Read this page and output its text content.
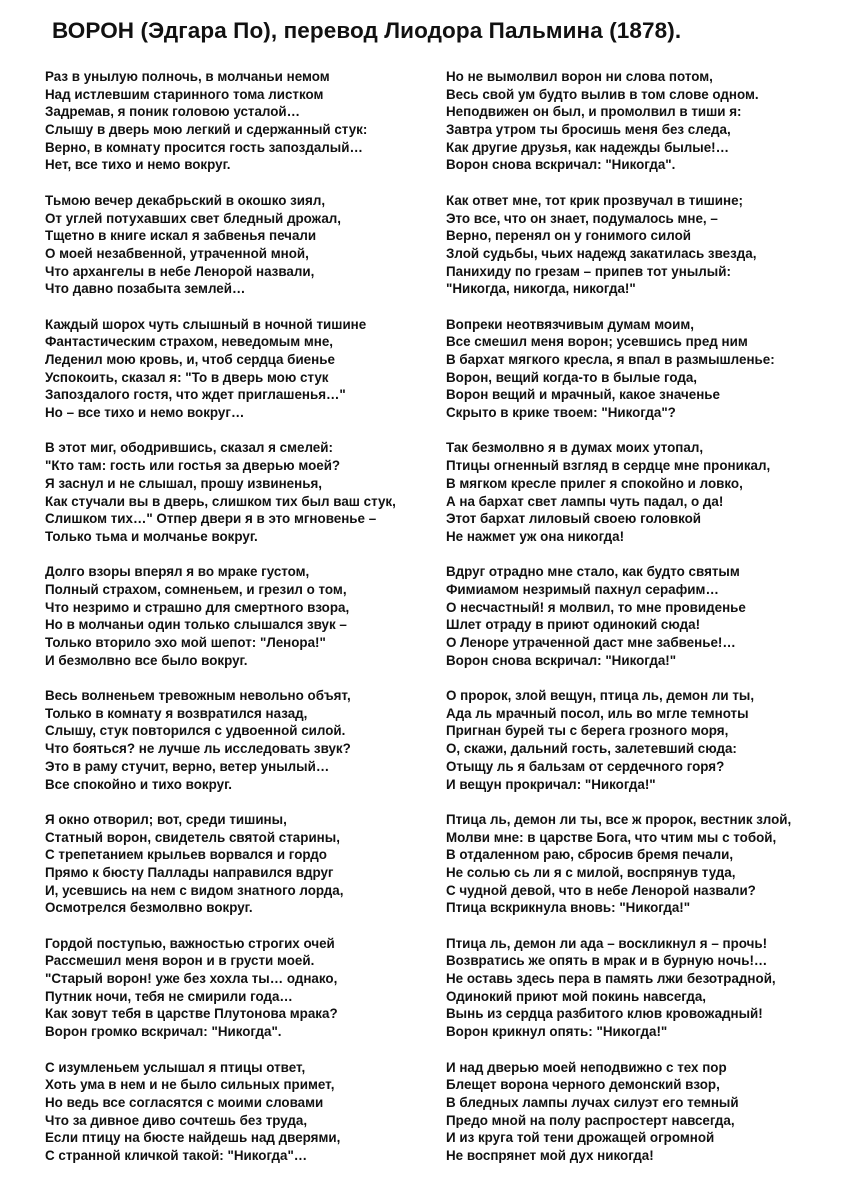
ВОРОН (Эдгара По), перевод Лиодора Пальмина (1878).
Раз в унылую полночь, в молчаньи немом
Над истлевшим старинного тома листком
Задремав, я поник головою усталой…
Слышу в дверь мою легкий и сдержанный стук:
Верно, в комнату просится гость запоздалый…
Нет, все тихо и немо вокруг.
Тьмою вечер декабрьский в окошко зиял,
От углей потухавших свет бледный дрожал,
Тщетно в книге искал я забвенья печали
О моей незабвенной, утраченной мной,
Что архангелы в небе Ленорой назвали,
Что давно позабыта землей…
Каждый шорох чуть слышный в ночной тишине
Фантастическим страхом, неведомым мне,
Леденил мою кровь, и, чтоб сердца биенье
Успокоить, сказал я: "То в дверь мою стук
Запоздалого гостя, что ждет приглашенья…"
Но – все тихо и немо вокруг…
В этот миг, ободрившись, сказал я смелей:
"Кто там: гость или гостья за дверью моей?
Я заснул и не слышал, прошу извиненья,
Как стучали вы в дверь, слишком тих был ваш стук,
Слишком тих…" Отпер двери я в это мгновенье –
Только тьма и молчанье вокруг.
Долго взоры вперял я во мраке густом,
Полный страхом, сомненьем, и грезил о том,
Что незримо и страшно для смертного взора,
Но в молчаньи один только слышался звук –
Только вторило эхо мой шепот: "Ленора!"
И безмолвно все было вокруг.
Весь волненьем тревожным невольно объят,
Только в комнату я возвратился назад,
Слышу, стук повторился с удвоенной силой.
Что бояться? не лучше ль исследовать звук?
Это в раму стучит, верно, ветер унылый…
Все спокойно и тихо вокруг.
Я окно отворил; вот, среди тишины,
Статный ворон, свидетель святой старины,
С трепетанием крыльев ворвался и гордо
Прямо к бюсту Паллады направился вдруг
И, усевшись на нем с видом знатного лорда,
Осмотрелся безмолвно вокруг.
Гордой поступью, важностью строгих очей
Рассмешил меня ворон и в грусти моей.
"Старый ворон! уже без хохла ты… однако,
Путник ночи, тебя не смирили года…
Как зовут тебя в царстве Плутонова мрака?
Ворон громко вскричал: "Никогда".
С изумленьем услышал я птицы ответ,
Хоть ума в нем и не было сильных примет,
Но ведь все согласятся с моими словами
Что за дивное диво сочтешь без труда,
Если птицу на бюсте найдешь над дверями,
С странной кличкой такой: "Никогда"…
Но не вымолвил ворон ни слова потом,
Весь свой ум будто вылив в том слове одном.
Неподвижен он был, и промолвил в тиши я:
Завтра утром ты бросишь меня без следа,
Как другие друзья, как надежды былые!…
Ворон снова вскричал: "Никогда".
Как ответ мне, тот крик прозвучал в тишине;
Это все, что он знает, подумалось мне, –
Верно, перенял он у гонимого силой
Злой судьбы, чьих надежд закатилась звезда,
Панихиду по грезам – припев тот унылый:
"Никогда, никогда, никогда!"
Вопреки неотвязчивым думам моим,
Все смешил меня ворон; усевшись пред ним
В бархат мягкого кресла, я впал в размышленье:
Ворон, вещий когда-то в былые года,
Ворон вещий и мрачный, какое значенье
Скрыто в крике твоем: "Никогда"?
Так безмолвно я в думах моих утопал,
Птицы огненный взгляд в сердце мне проникал,
В мягком кресле прилег я спокойно и ловко,
А на бархат свет лампы чуть падал, о да!
Этот бархат лиловый своею головкой
Не нажмет уж она никогда!
Вдруг отрадно мне стало, как будто святым
Фимиамом незримый пахнул серафим…
О несчастный! я молвил, то мне провиденье
Шлет отраду в приют одинокий сюда!
О Леноре утраченной даст мне забвенье!…
Ворон снова вскричал: "Никогда!"
О пророк, злой вещун, птица ль, демон ли ты,
Ада ль мрачный посол, иль во мгле темноты
Пригнан бурей ты с берега грозного моря,
О, скажи, дальний гость, залетевший сюда:
Отыщу ль я бальзам от сердечного горя?
И вещун прокричал: "Никогда!"
Птица ль, демон ли ты, все ж пророк, вестник злой,
Молви мне: в царстве Бога, что чтим мы с тобой,
В отдаленном раю, сбросив бремя печали,
Не солью сь ли я с милой, воспрянув туда,
С чудной девой, что в небе Ленорой назвали?
Птица вскрикнула вновь: "Никогда!"
Птица ль, демон ли ада – воскликнул я – прочь!
Возвратись же опять в мрак и в бурную ночь!…
Не оставь здесь пера в память лжи безотрадной,
Одинокий приют мой покинь навсегда,
Вынь из сердца разбитого клюв кровожадный!
Ворон крикнул опять: "Никогда!"
И над дверью моей неподвижно с тех пор
Блещет ворона черного демонский взор,
В бледных лампы лучах силуэт его темный
Предо мной на полу распростерт навсегда,
И из круга той тени дрожащей огромной
Не воспрянет мой дух никогда!
